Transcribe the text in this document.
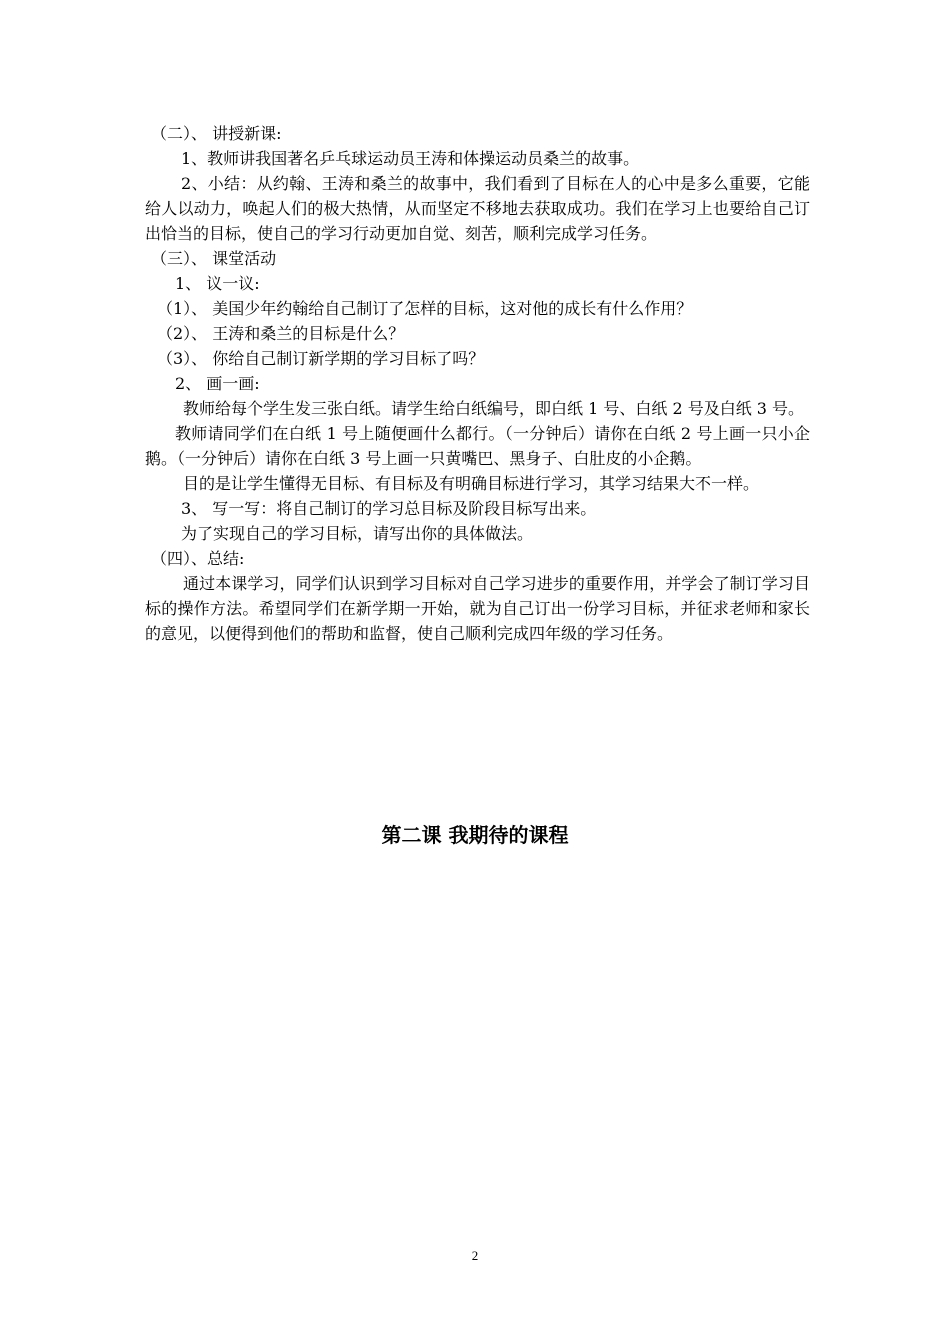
（二）、 讲授新课:
1、教师讲我国著名乒乓球运动员王涛和体操运动员桑兰的故事。
2、小结：从约翰、王涛和桑兰的故事中，我们看到了目标在人的心中是多么重要，它能给人以动力，唤起人们的极大热情，从而坚定不移地去获取成功。我们在学习上也要给自己订出恰当的目标，使自己的学习行动更加自觉、刻苦，顺利完成学习任务。
（三）、 课堂活动
1、 议一议:
（1）、 美国少年约翰给自己制订了怎样的目标，这对他的成长有什么作用？
（2）、 王涛和桑兰的目标是什么？
（3）、 你给自己制订新学期的学习目标了吗？
2、 画一画:
教师给每个学生发三张白纸。请学生给白纸编号，即白纸 1 号、白纸 2 号及白纸 3 号。
教师请同学们在白纸 1 号上随便画什么都行。（一分钟后）请你在白纸 2 号上画一只小企鹅。（一分钟后）请你在白纸 3 号上画一只黄嘴巴、黑身子、白肚皮的小企鹅。
目的是让学生懂得无目标、有目标及有明确目标进行学习，其学习结果大不一样。
3、 写一写：将自己制订的学习总目标及阶段目标写出来。
为了实现自己的学习目标，请写出你的具体做法。
（四）、总结:
通过本课学习，同学们认识到学习目标对自己学习进步的重要作用，并学会了制订学习目标的操作方法。希望同学们在新学期一开始，就为自己订出一份学习目标，并征求老师和家长的意见，以便得到他们的帮助和监督，使自己顺利完成四年级的学习任务。
第二课 我期待的课程
2
